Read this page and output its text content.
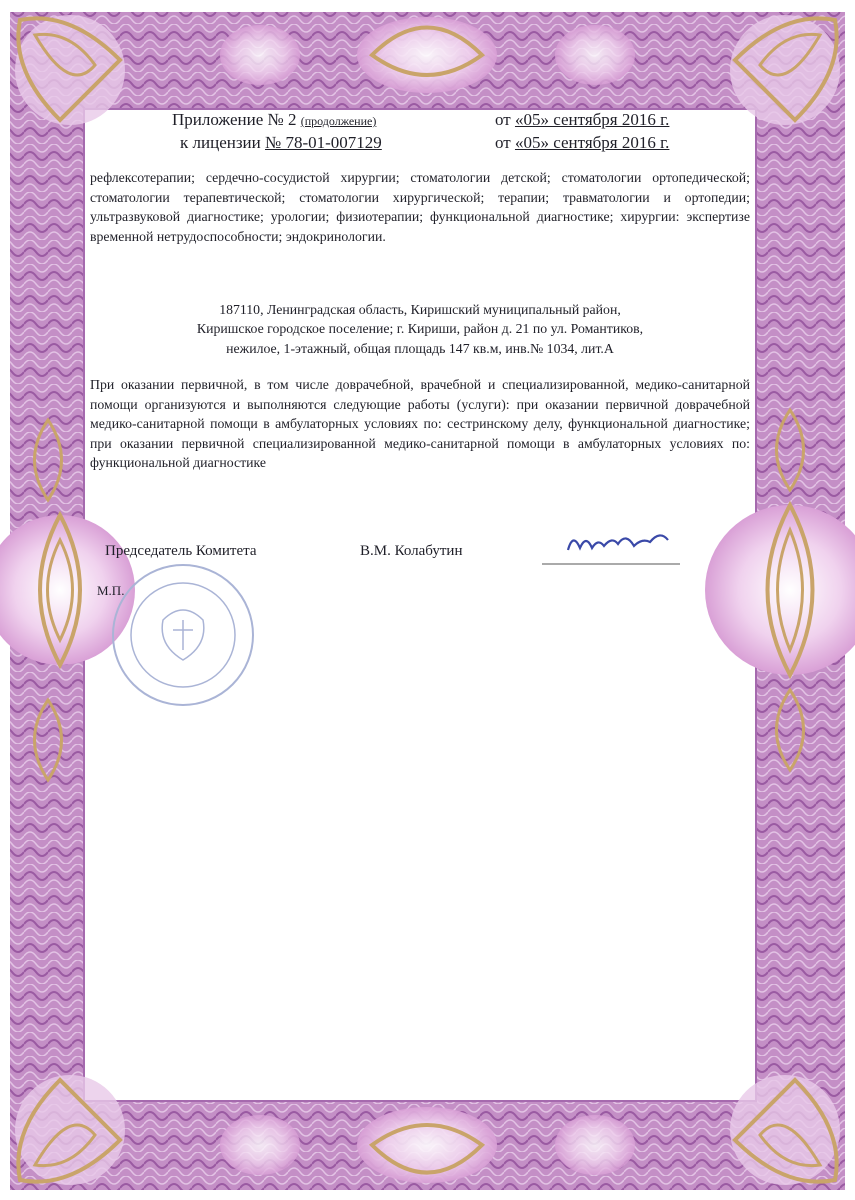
Приложение № 2 (продолжение)	от «05» сентября 2016 г.
к лицензии № 78-01-007129	от «05» сентября 2016 г.
рефлексотерапии; сердечно-сосудистой хирургии; стоматологии детской; стоматологии ортопедической; стоматологии терапевтической; стоматологии хирургической; терапии; травматологии и ортопедии; ультразвуковой диагностике; урологии; физиотерапии; функциональной диагностике; хирургии: экспертизе временной нетрудоспособности; эндокринологии.
187110, Ленинградская область, Киришский муниципальный район,
Киришское городское поселение; г. Кириши, район д. 21 по ул. Романтиков,
нежилое, 1-этажный, общая площадь 147 кв.м, инв.№ 1034, лит.А
При оказании первичной, в том числе доврачебной, врачебной и специализированной, медико-санитарной помощи организуются и выполняются следующие работы (услуги): при оказании первичной доврачебной медико-санитарной помощи в амбулаторных условиях по: сестринскому делу, функциональной диагностике; при оказании первичной специализированной медико-санитарной помощи в амбулаторных условиях по: функциональной диагностике
Председатель Комитета	В.М. Колабутин
М.П.
